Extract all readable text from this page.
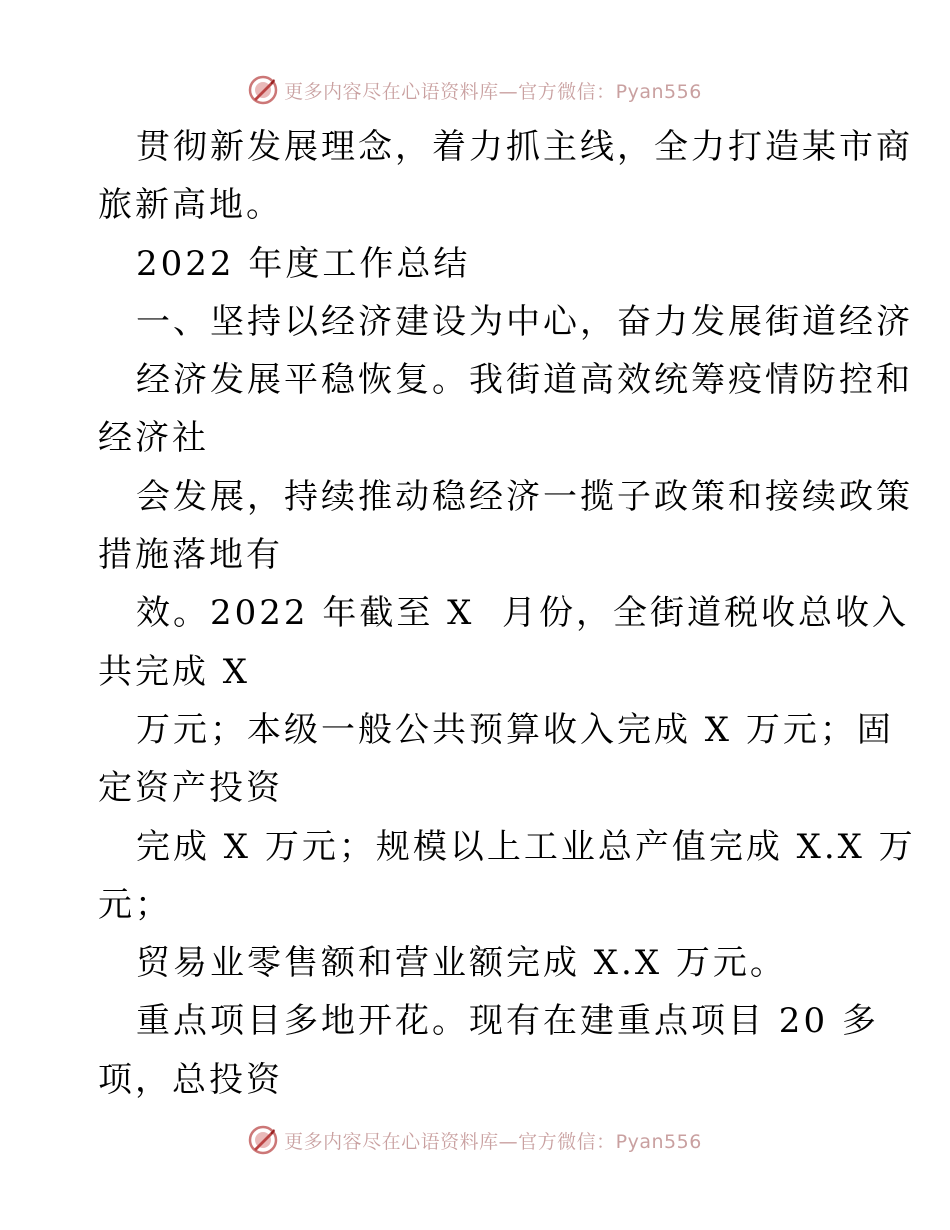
更多内容尽在心语资料库—官方微信：Pyan556
贯彻新发展理念，着力抓主线，全力打造某市商
旅新高地。
2022 年度工作总结
一、坚持以经济建设为中心，奋力发展街道经济
经济发展平稳恢复。我街道高效统筹疫情防控和
经济社
会发展，持续推动稳经济一揽子政策和接续政策
措施落地有
效。2022 年截至 X  月份，全街道税收总收入
共完成 X
万元；本级一般公共预算收入完成 X 万元；固
定资产投资
完成 X 万元；规模以上工业总产值完成 X.X 万
元；
贸易业零售额和营业额完成 X.X 万元。
重点项目多地开花。现有在建重点项目 20 多
项，总投资
更多内容尽在心语资料库—官方微信：Pyan556
